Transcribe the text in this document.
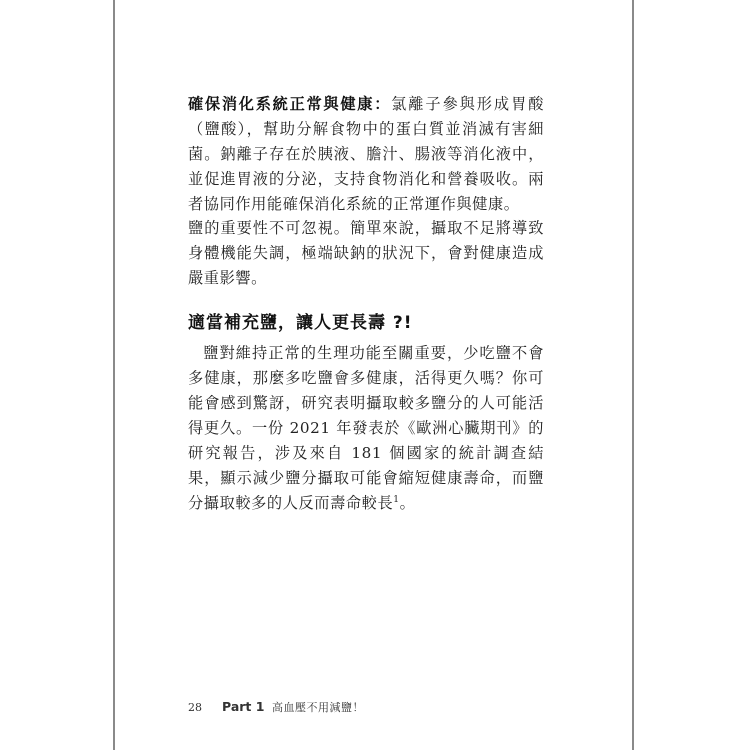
確保消化系統正常與健康：氯離子參與形成胃酸（鹽酸），幫助分解食物中的蛋白質並消滅有害細菌。鈉離子存在於胰液、膽汁、腸液等消化液中，並促進胃液的分泌，支持食物消化和營養吸收。兩者協同作用能確保消化系統的正常運作與健康。

鹽的重要性不可忽視。簡單來說，攝取不足將導致身體機能失調，極端缺鈉的狀況下，會對健康造成嚴重影響。

適當補充鹽，讓人更長壽 ?!

鹽對維持正常的生理功能至關重要，少吃鹽不會多健康，那麼多吃鹽會多健康，活得更久嗎？你可能會感到驚訝，研究表明攝取較多鹽分的人可能活得更久。一份 2021 年發表於《歐洲心臟期刊》的研究報告，涉及來自 181 個國家的統計調查結果，顯示減少鹽分攝取可能會縮短健康壽命，而鹽分攝取較多的人反而壽命較長$^1$。

28 Part 1 高血壓不用減鹽！
